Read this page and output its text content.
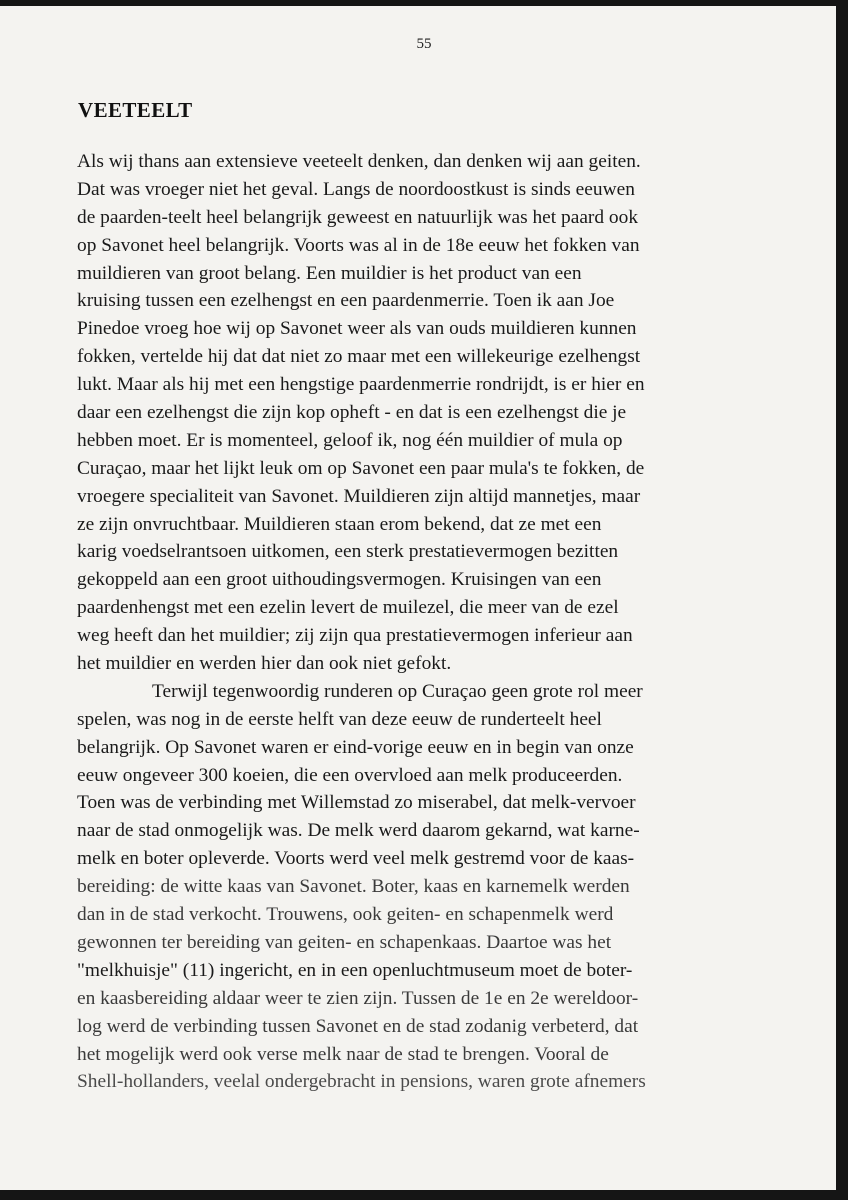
55
VEETEELT
Als wij thans aan extensieve veeteelt denken, dan denken wij aan geiten.
Dat was vroeger niet het geval. Langs de noordoostkust is sinds eeuwen
de paarden-teelt heel belangrijk geweest en natuurlijk was het paard ook
op Savonet heel belangrijk. Voorts was al in de 18e eeuw het fokken van
muildieren van groot belang. Een muildier is het product van een
kruising tussen een ezelhengst en een paardenmerrie. Toen ik aan Joe
Pinedoe vroeg hoe wij op Savonet weer als van ouds muildieren kunnen
fokken, vertelde hij dat dat niet zo maar met een willekeurige ezelhengst
lukt. Maar als hij met een hengstige paardenmerrie rondrijdt, is er hier en
daar een ezelhengst die zijn kop opheft - en dat is een ezelhengst die je
hebben moet. Er is momenteel, geloof ik, nog één muildier of mula op
Curaçao, maar het lijkt leuk om op Savonet een paar mula's te fokken, de
vroegere specialiteit van Savonet. Muildieren zijn altijd mannetjes, maar
ze zijn onvruchtbaar. Muildieren staan erom bekend, dat ze met een
karig voedselrantsoen uitkomen, een sterk prestatievermogen bezitten
gekoppeld aan een groot uithoudingsvermogen. Kruisingen van een
paardenhengst met een ezelin levert de muilezel, die meer van de ezel
weg heeft dan het muildier; zij zijn qua prestatievermogen inferieur aan
het muildier en werden hier dan ook niet gefokt.
Terwijl tegenwoordig runderen op Curaçao geen grote rol meer
spelen, was nog in de eerste helft van deze eeuw de runderteelt heel
belangrijk. Op Savonet waren er eind-vorige eeuw en in begin van onze
eeuw ongeveer 300 koeien, die een overvloed aan melk produceerden.
Toen was de verbinding met Willemstad zo miserabel, dat melk-vervoer
naar de stad onmogelijk was. De melk werd daarom gekarnd, wat karne-
melk en boter opleverde. Voorts werd veel melk gestremd voor de kaas-
bereiding: de witte kaas van Savonet. Boter, kaas en karnemelk werden
dan in de stad verkocht. Trouwens, ook geiten- en schapenmelk werd
gewonnen ter bereiding van geiten- en schapenkaas. Daartoe was het
"melkhuisje" (11) ingericht, en in een openluchtmuseum moet de boter-
en kaasbereiding aldaar weer te zien zijn. Tussen de 1e en 2e wereldoor-
log werd de verbinding tussen Savonet en de stad zodanig verbeterd, dat
het mogelijk werd ook verse melk naar de stad te brengen. Vooral de
Shell-hollanders, veelal ondergebracht in pensions, waren grote afnemers
